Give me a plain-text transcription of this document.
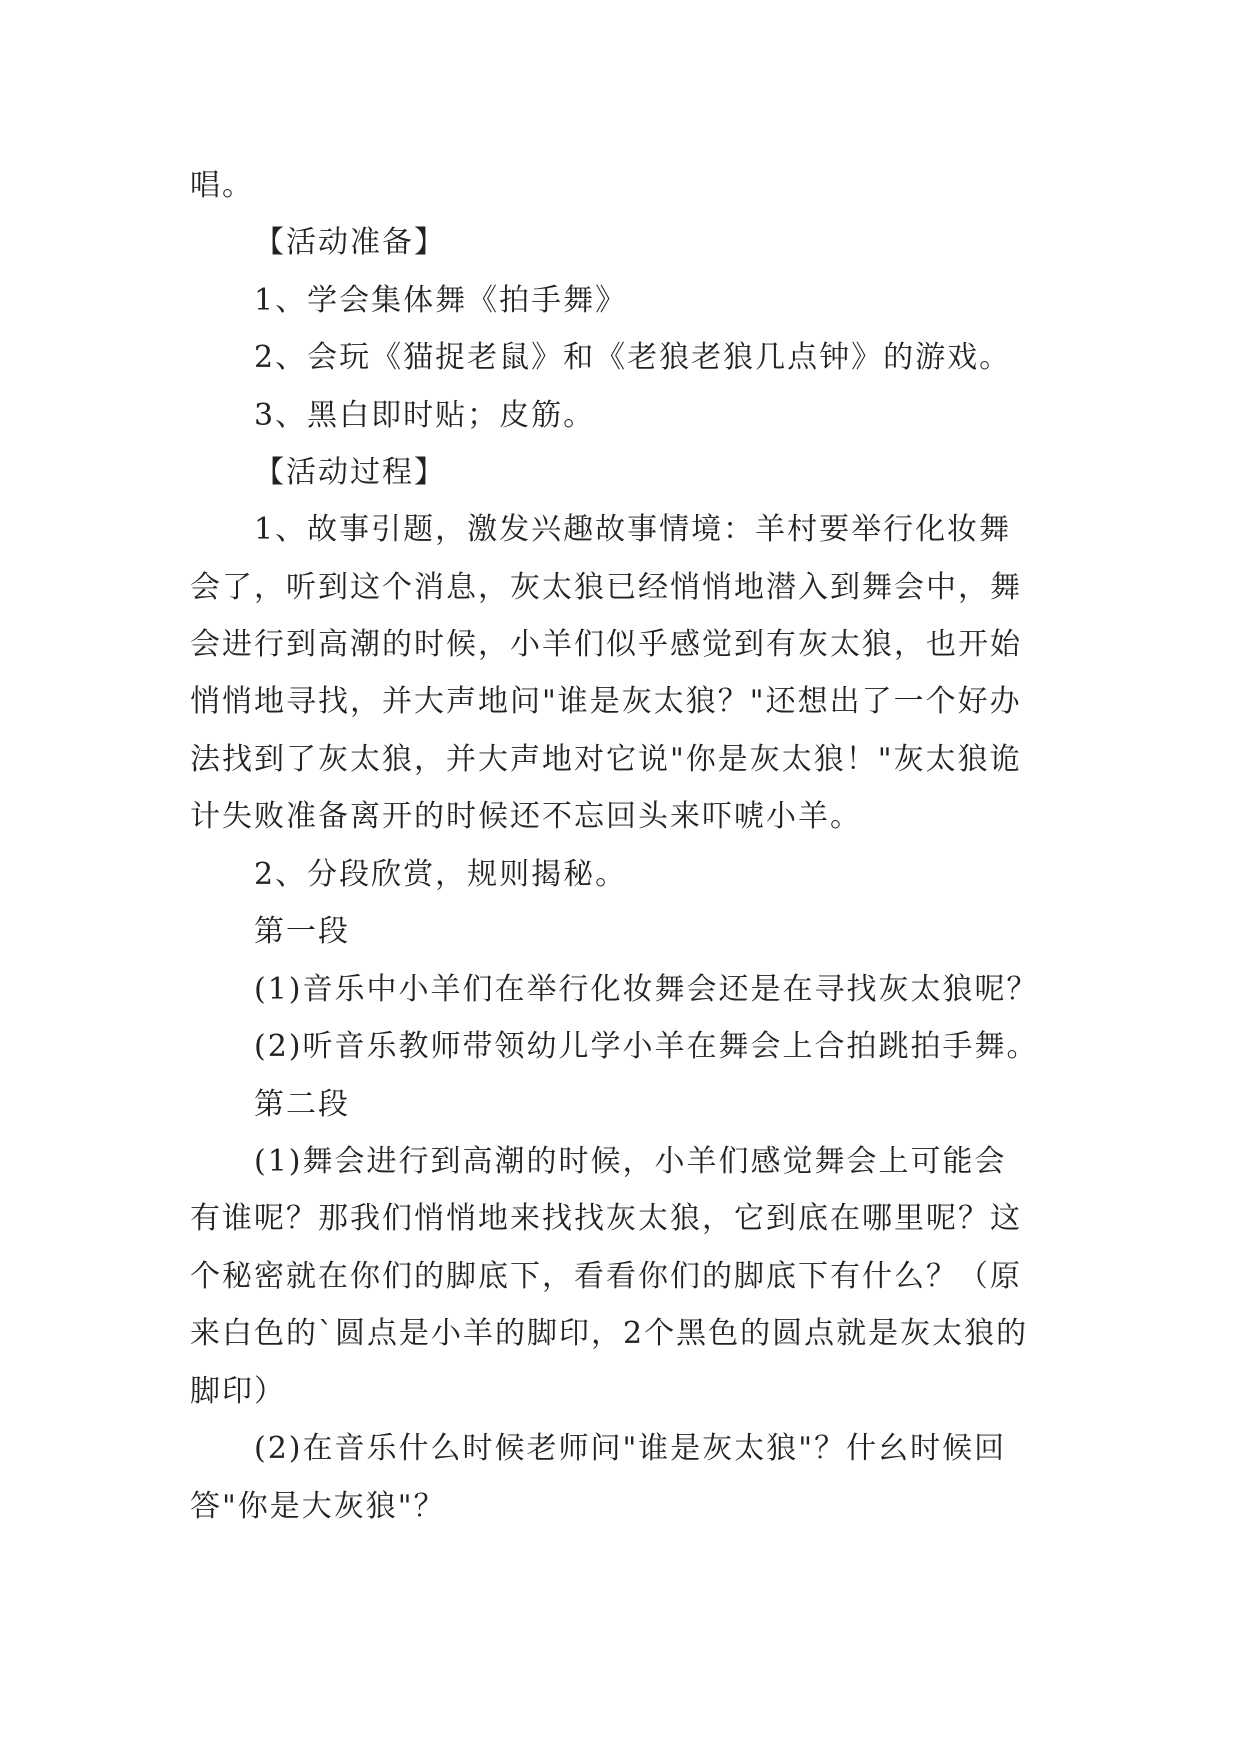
唱。
【活动准备】
1、学会集体舞《拍手舞》
2、会玩《猫捉老鼠》和《老狼老狼几点钟》的游戏。
3、黑白即时贴；皮筋。
【活动过程】
1、故事引题，激发兴趣故事情境：羊村要举行化妆舞
会了，听到这个消息，灰太狼已经悄悄地潜入到舞会中，舞
会进行到高潮的时候，小羊们似乎感觉到有灰太狼，也开始
悄悄地寻找，并大声地问"谁是灰太狼？"还想出了一个好办
法找到了灰太狼，并大声地对它说"你是灰太狼！"灰太狼诡
计失败准备离开的时候还不忘回头来吓唬小羊。
2、分段欣赏，规则揭秘。
第一段
(1)音乐中小羊们在举行化妆舞会还是在寻找灰太狼呢？
(2)听音乐教师带领幼儿学小羊在舞会上合拍跳拍手舞。
第二段
(1)舞会进行到高潮的时候，小羊们感觉舞会上可能会
有谁呢？那我们悄悄地来找找灰太狼，它到底在哪里呢？这
个秘密就在你们的脚底下，看看你们的脚底下有什么？（原
来白色的`圆点是小羊的脚印，2个黑色的圆点就是灰太狼的
脚印）
(2)在音乐什么时候老师问"谁是灰太狼"？什幺时候回
答"你是大灰狼"？
